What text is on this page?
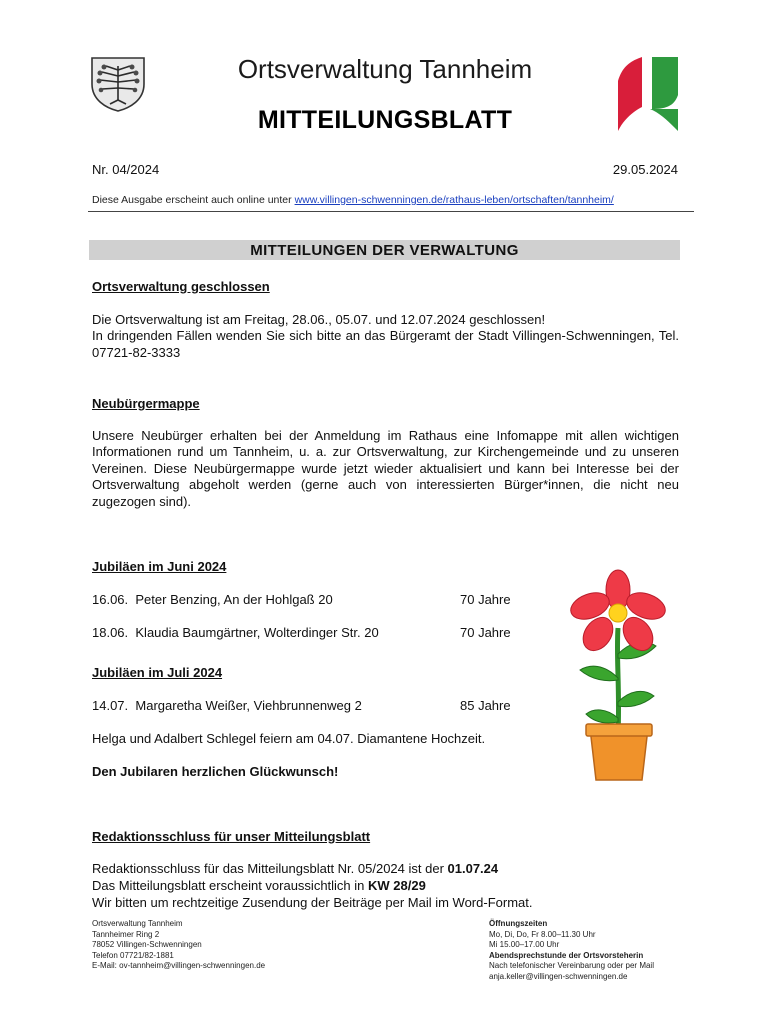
Ortsverwaltung Tannheim
MITTEILUNGSBLATT
Nr. 04/2024	29.05.2024
Diese Ausgabe erscheint auch online unter www.villingen-schwenningen.de/rathaus-leben/ortschaften/tannheim/
MITTEILUNGEN DER VERWALTUNG
Ortsverwaltung geschlossen

Die Ortsverwaltung ist am Freitag, 28.06., 05.07. und 12.07.2024 geschlossen!

In dringenden Fällen wenden Sie sich bitte an das Bürgeramt der Stadt Villingen-Schwenningen, Tel. 07721-82-3333

Neubürgermappe
Unsere Neubürger erhalten bei der Anmeldung im Rathaus eine Infomappe mit allen wichtigen Informationen rund um Tannheim, u. a. zur Ortsverwaltung, zur Kirchengemeinde und zu unseren Vereinen. Diese Neubürgermappe wurde jetzt wieder aktualisiert und kann bei Interesse bei der Ortsverwaltung abgeholt werden (gerne auch von interessierten Bürger*innen, die nicht neu zugezogen sind).
Jubiläen im Juni 2024
16.06. Peter Benzing, An der Hohlgaß 20	70 Jahre
18.06. Klaudia Baumgärtner, Wolterdinger Str. 20	70 Jahre
Jubiläen im Juli 2024
14.07. Margaretha Weißer, Viehbrunnenweg 2	85 Jahre
Helga und Adalbert Schlegel feiern am 04.07. Diamantene Hochzeit.
Den Jubilaren herzlichen Glückwunsch!
Redaktionsschluss für unser Mitteilungsblatt
Redaktionsschluss für das Mitteilungsblatt Nr. 05/2024 ist der 01.07.24
Das Mitteilungsblatt erscheint voraussichtlich in KW 28/29
Wir bitten um rechtzeitige Zusendung der Beiträge per Mail im Word-Format.
Ortsverwaltung Tannheim
Tannheimer Ring 2
78052 Villingen-Schwenningen
Telefon 07721/82-1881
E-Mail: ov-tannheim@villingen-schwenningen.de
Öffnungszeiten
Mo, Di, Do, Fr 8.00–11.30 Uhr
Mi 15.00–17.00 Uhr
Abendsprechstunde der Ortsvorsteherin
Nach telefonischer Vereinbarung oder per Mail
anja.keller@villingen-schwenningen.de
